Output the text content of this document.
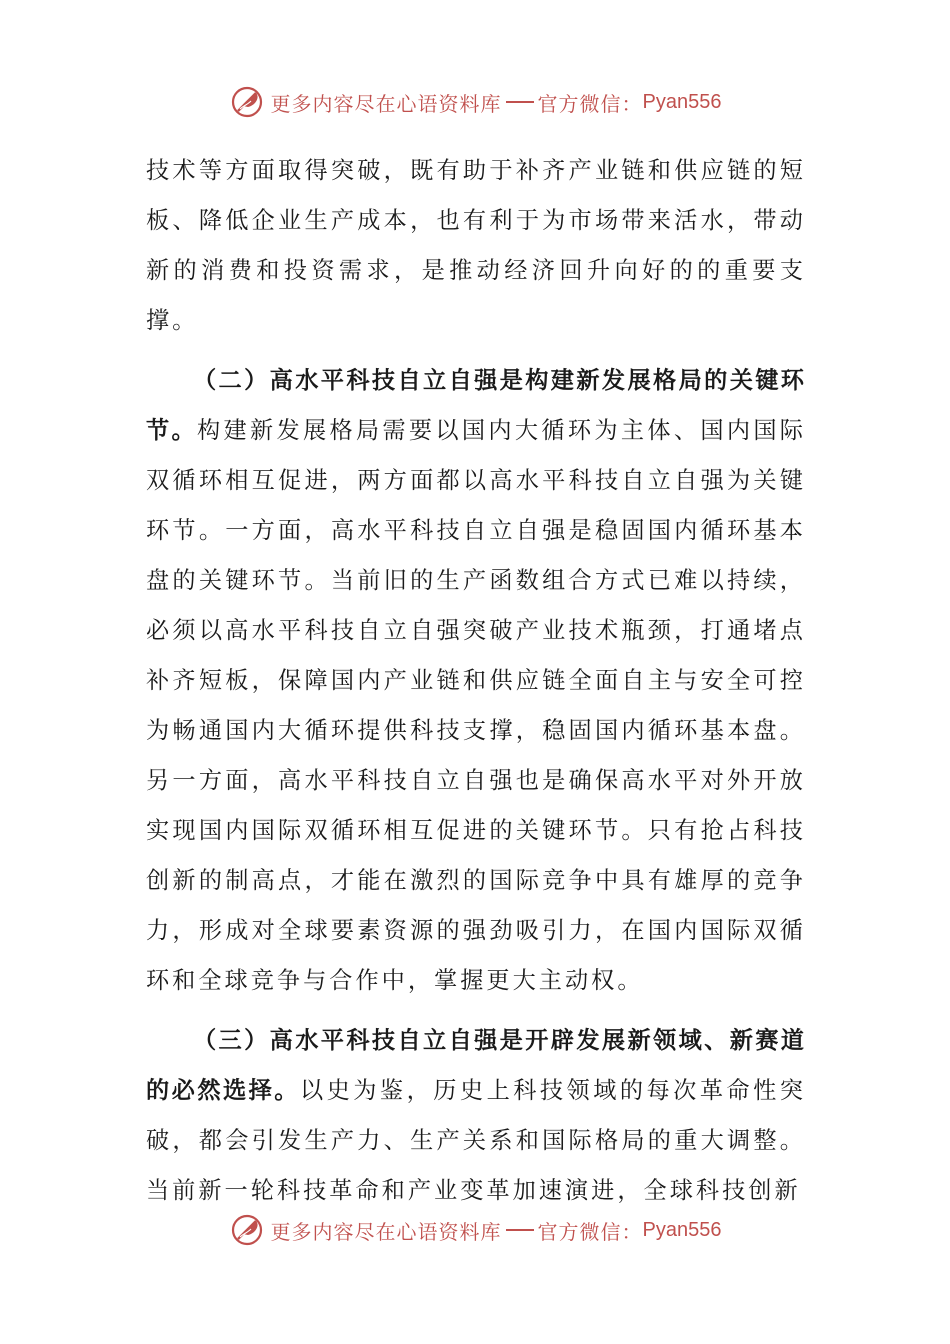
更多内容尽在心语资料库 官方微信： Pyan556

技术等方面取得突破，既有助于补齐产业链和供应链的短板、降低企业生产成本，也有利于为市场带来活水，带动新的消费和投资需求，是推动经济回升向好的的重要支撑。

（二）高水平科技自立自强是构建新发展格局的关键环节。构建新发展格局需要以国内大循环为主体、国内国际双循环相互促进，两方面都以高水平科技自立自强为关键环节。一方面，高水平科技自立自强是稳固国内循环基本盘的关键环节。当前旧的生产函数组合方式已难以持续，必须以高水平科技自立自强突破产业技术瓶颈，打通堵点补齐短板，保障国内产业链和供应链全面自主与安全可控为畅通国内大循环提供科技支撑，稳固国内循环基本盘。另一方面，高水平科技自立自强也是确保高水平对外开放实现国内国际双循环相互促进的关键环节。只有抢占科技创新的制高点，才能在激烈的国际竞争中具有雄厚的竞争力，形成对全球要素资源的强劲吸引力，在国内国际双循环和全球竞争与合作中，掌握更大主动权。

（三）高水平科技自立自强是开辟发展新领域、新赛道的必然选择。以史为鉴，历史上科技领域的每次革命性突破，都会引发生产力、生产关系和国际格局的重大调整。当前新一轮科技革命和产业变革加速演进，全球科技创新

更多内容尽在心语资料库 官方微信： Pyan556
